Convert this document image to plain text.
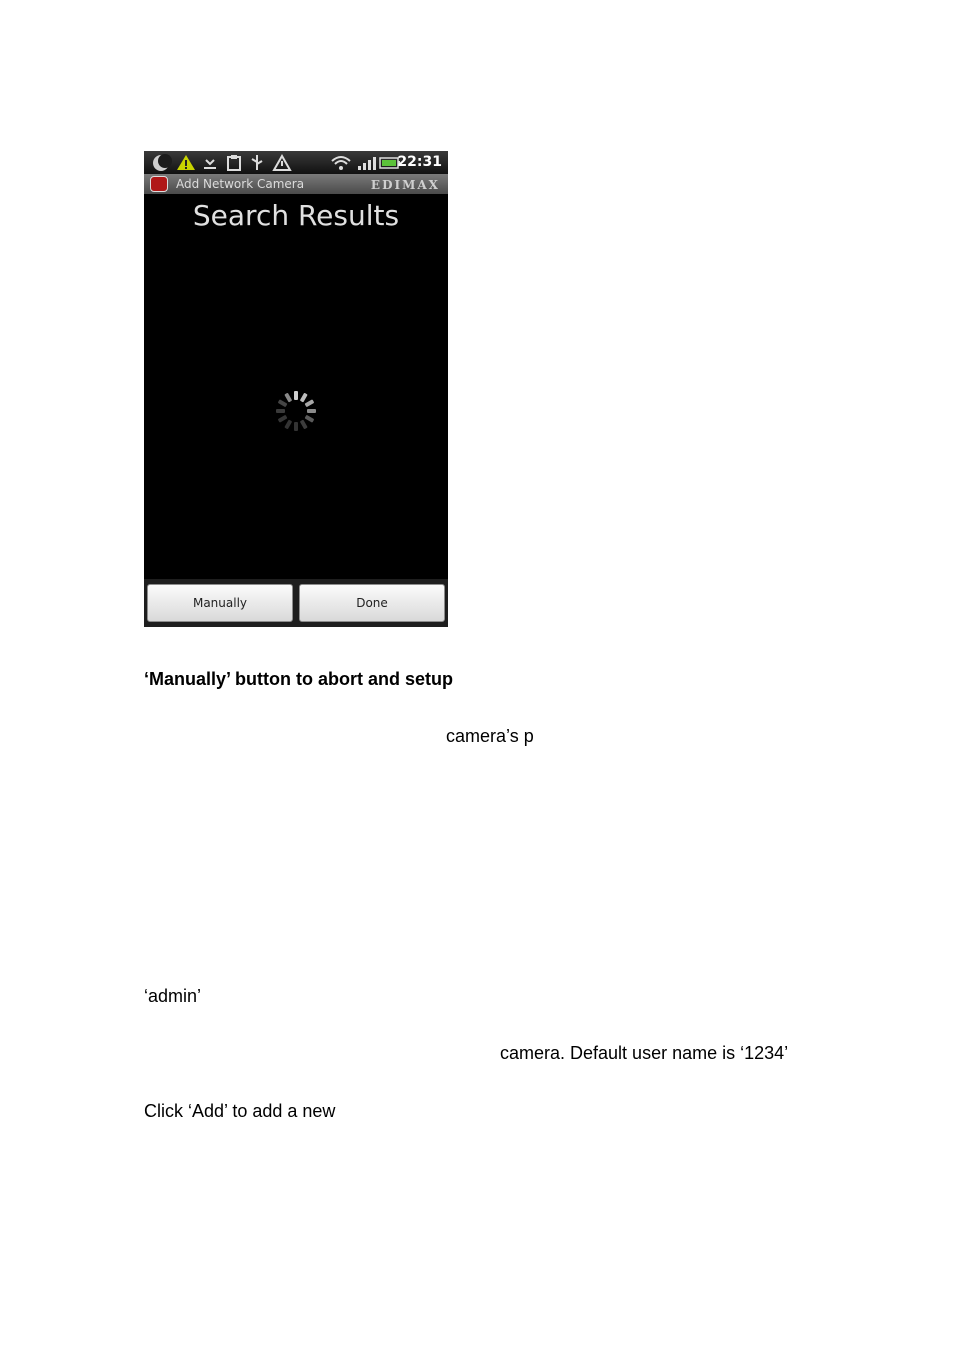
22:31
Add Network Camera	EDIMAX
Search Results
Manually	Done
‘Manually’ button to abort and setup
camera’s p
‘admin’
camera. Default user name is ‘1234’
Click ‘Add’ to add a new
